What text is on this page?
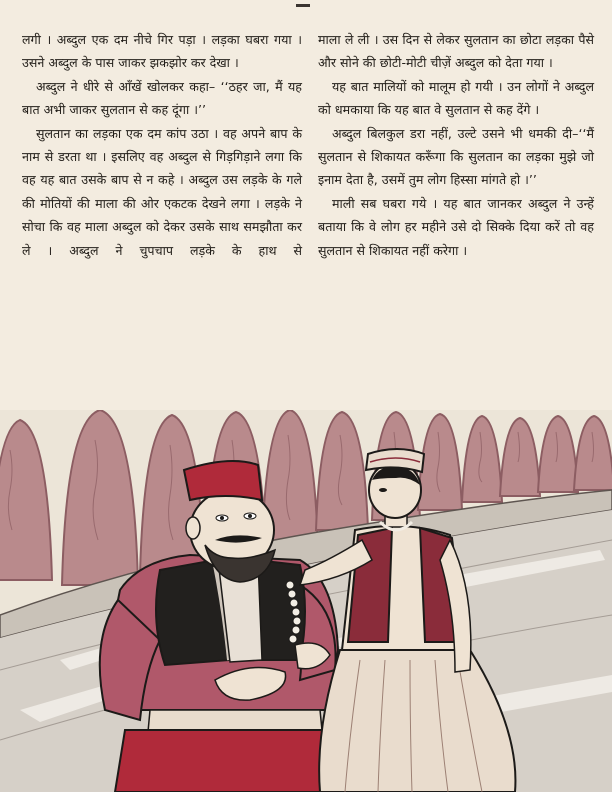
लगी । अब्दुल एक दम नीचे गिर पड़ा । लड़का घबरा गया । उसने अब्दुल के पास जाकर झकझोर कर देखा ।

अब्दुल ने धीरे से आँखें खोलकर कहा– ‘‘ठहर जा, मैं यह बात अभी जाकर सुलतान से कह दूंगा ।’’

सुलतान का लड़का एक दम कांप उठा । वह अपने बाप के नाम से डरता था । इसलिए वह अब्दुल से गिड़गिड़ाने लगा कि वह यह बात उसके बाप से न कहे । अब्दुल उस लड़के के गले की मोतियों की माला की ओर एकटक देखने लगा । लड़के ने सोचा कि वह माला अब्दुल को देकर उसके साथ समझौता कर ले । अब्दुल ने चुपचाप लड़के के हाथ से

माला ले ली । उस दिन से लेकर सुलतान का छोटा लड़का पैसे और सोने की छोटी-मोटी चीज़ें अब्दुल को देता गया ।

यह बात मालियों को मालूम हो गयी । उन लोगों ने अब्दुल को धमकाया कि यह बात वे सुलतान से कह देंगे ।

अब्दुल बिलकुल डरा नहीं, उल्टे उसने भी धमकी दी–‘‘मैं सुलतान से शिकायत करूँगा कि सुलतान का लड़का मुझे जो इनाम देता है, उसमें तुम लोग हिस्सा मांगते हो ।’’

माली सब घबरा गये । यह बात जानकर अब्दुल ने उन्हें बताया कि वे लोग हर महीने उसे दो सिक्के दिया करें तो वह सुलतान से शिकायत नहीं करेगा ।
